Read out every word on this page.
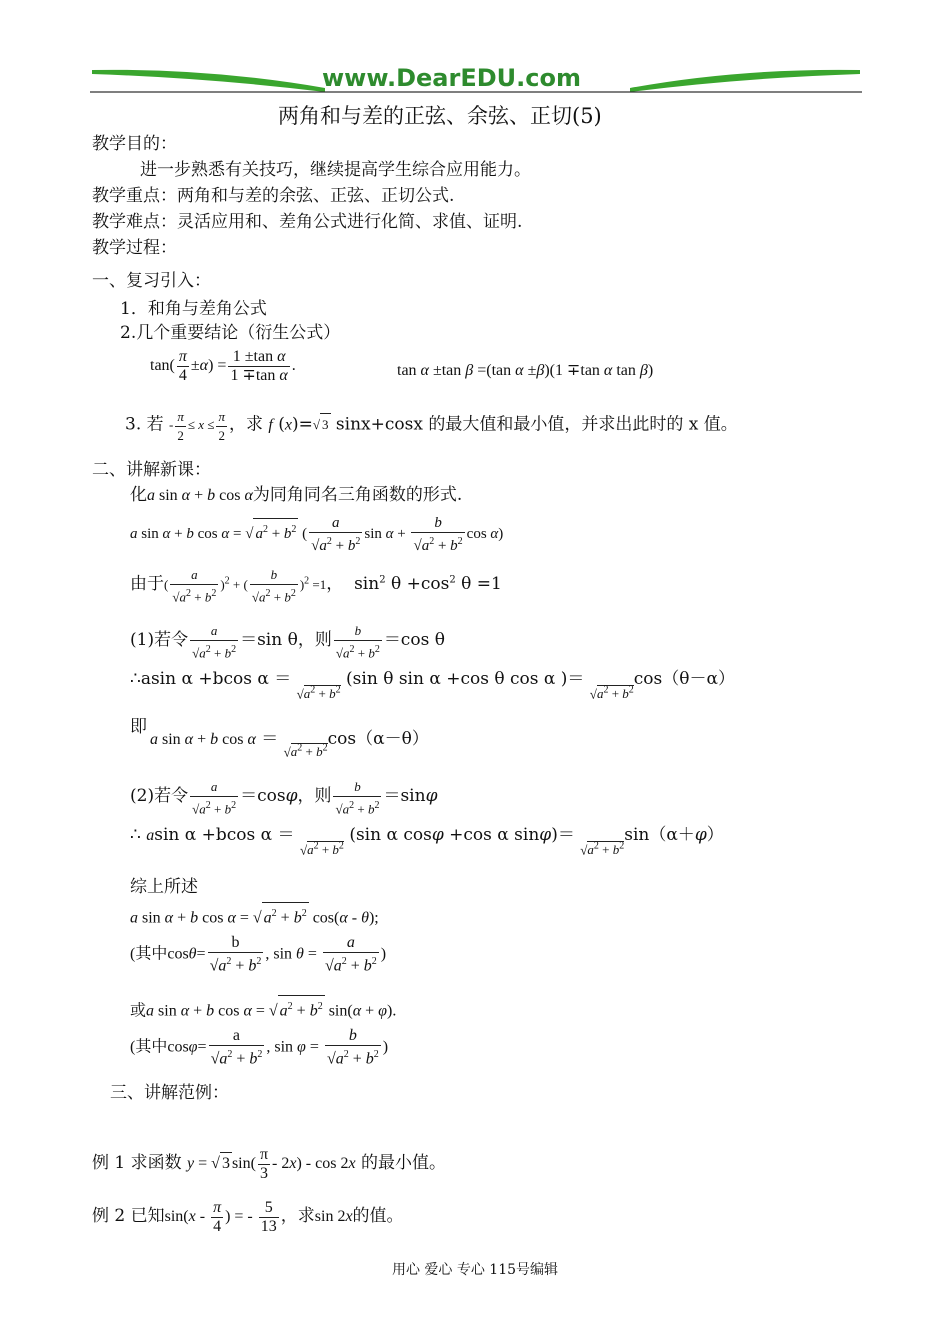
www.DearEDU.com
两角和与差的正弦、余弦、正切(5)
教学目的：
进一步熟悉有关技巧，继续提高学生综合应用能力。
教学重点：两角和与差的余弦、正弦、正切公式.
教学难点：灵活应用和、差角公式进行化简、求值、证明.
教学过程：
一、复习引入：
1．和角与差角公式
2.几个重要结论（衍生公式）
$\tan( \frac{\pi}{4} \pm\alpha) = \frac{\text{1 ±tan α}}{\text{1 ∓tan α}}$ .	tan α ±tan β =(tan α ±β)(1 ∓tan α tan β)
3. 若 - $\frac{\pi}{2} \le x \le \frac{\pi}{2}$ ，求 f (x)=√ 3 sinx+cosx 的最大值和最小值，并求出此时的 x 值。
二、讲解新课：
化a sin α + b cos α为同角同名三角函数的形式.
a sin α + b cos α = √ $a^2 + b^2$ ( $\frac{a}{√a^2 + b^2}$ $\sin \alpha + \frac{b}{√a^2 + b^2}$ cos α)
由于( $\frac{a}{√a^2 + b^2} )^2$ + ( $\frac{b}{√a^2 + b^2} )^2 =1$，  $\sin^2 \theta +\cos^2$ θ =1
(1)若令 $\frac{a}{√a^2 + b^2} =\sin$ θ，则 $\frac{b}{√a^2 + b^2} =\cos$ θ
∴asin α +bcos $\alpha = √a^2 + b^2$ (sin θ sin α +cos θ cos α )＝ $√a^2 + b^2\cos(\theta-\alpha)$
即
a sin α + b $\cos \alpha = √a^2 + b^2\cos(\alpha-\theta)$
(2)若令 $\frac{a}{√a^2 + b^2} =\cos\varphi$，则 $\frac{b}{√a^2 + b^2} =\sin\varphi$
∴ asin α +bcos $\alpha = √a^2 + b^2$ (sin α cosφ +cos α $\sin\varphi)= √a^2 + b^2\sin(\alpha+\varphi)$
综上所述
a sin α + b cos α = √ $a^2 + b^2$ cos(α - θ);
(其中$\cos\theta= \frac{b}{√a^2 + b^2}$ , $\sin \theta = \frac{a}{√a^2 + b^2}$ )
或a sin α + b cos α = √ $a^2 + b^2$ sin(α + φ).
(其中$\cos\varphi= \frac{a}{√a^2 + b^2}$ , $\sin \varphi = \frac{b}{√a^2 + b^2}$ )
三、讲解范例：
例 1 求函数 y = √ 3 $\sin( \frac{\pi}{3} - 2x)$ - cos 2x 的最小值。
例 2 已知$\sin(x - \frac{\pi}{4}$ ) = - $\frac{5}{13}$ ，求sin 2x的值。
用心 爱心 专心 115号编辑
